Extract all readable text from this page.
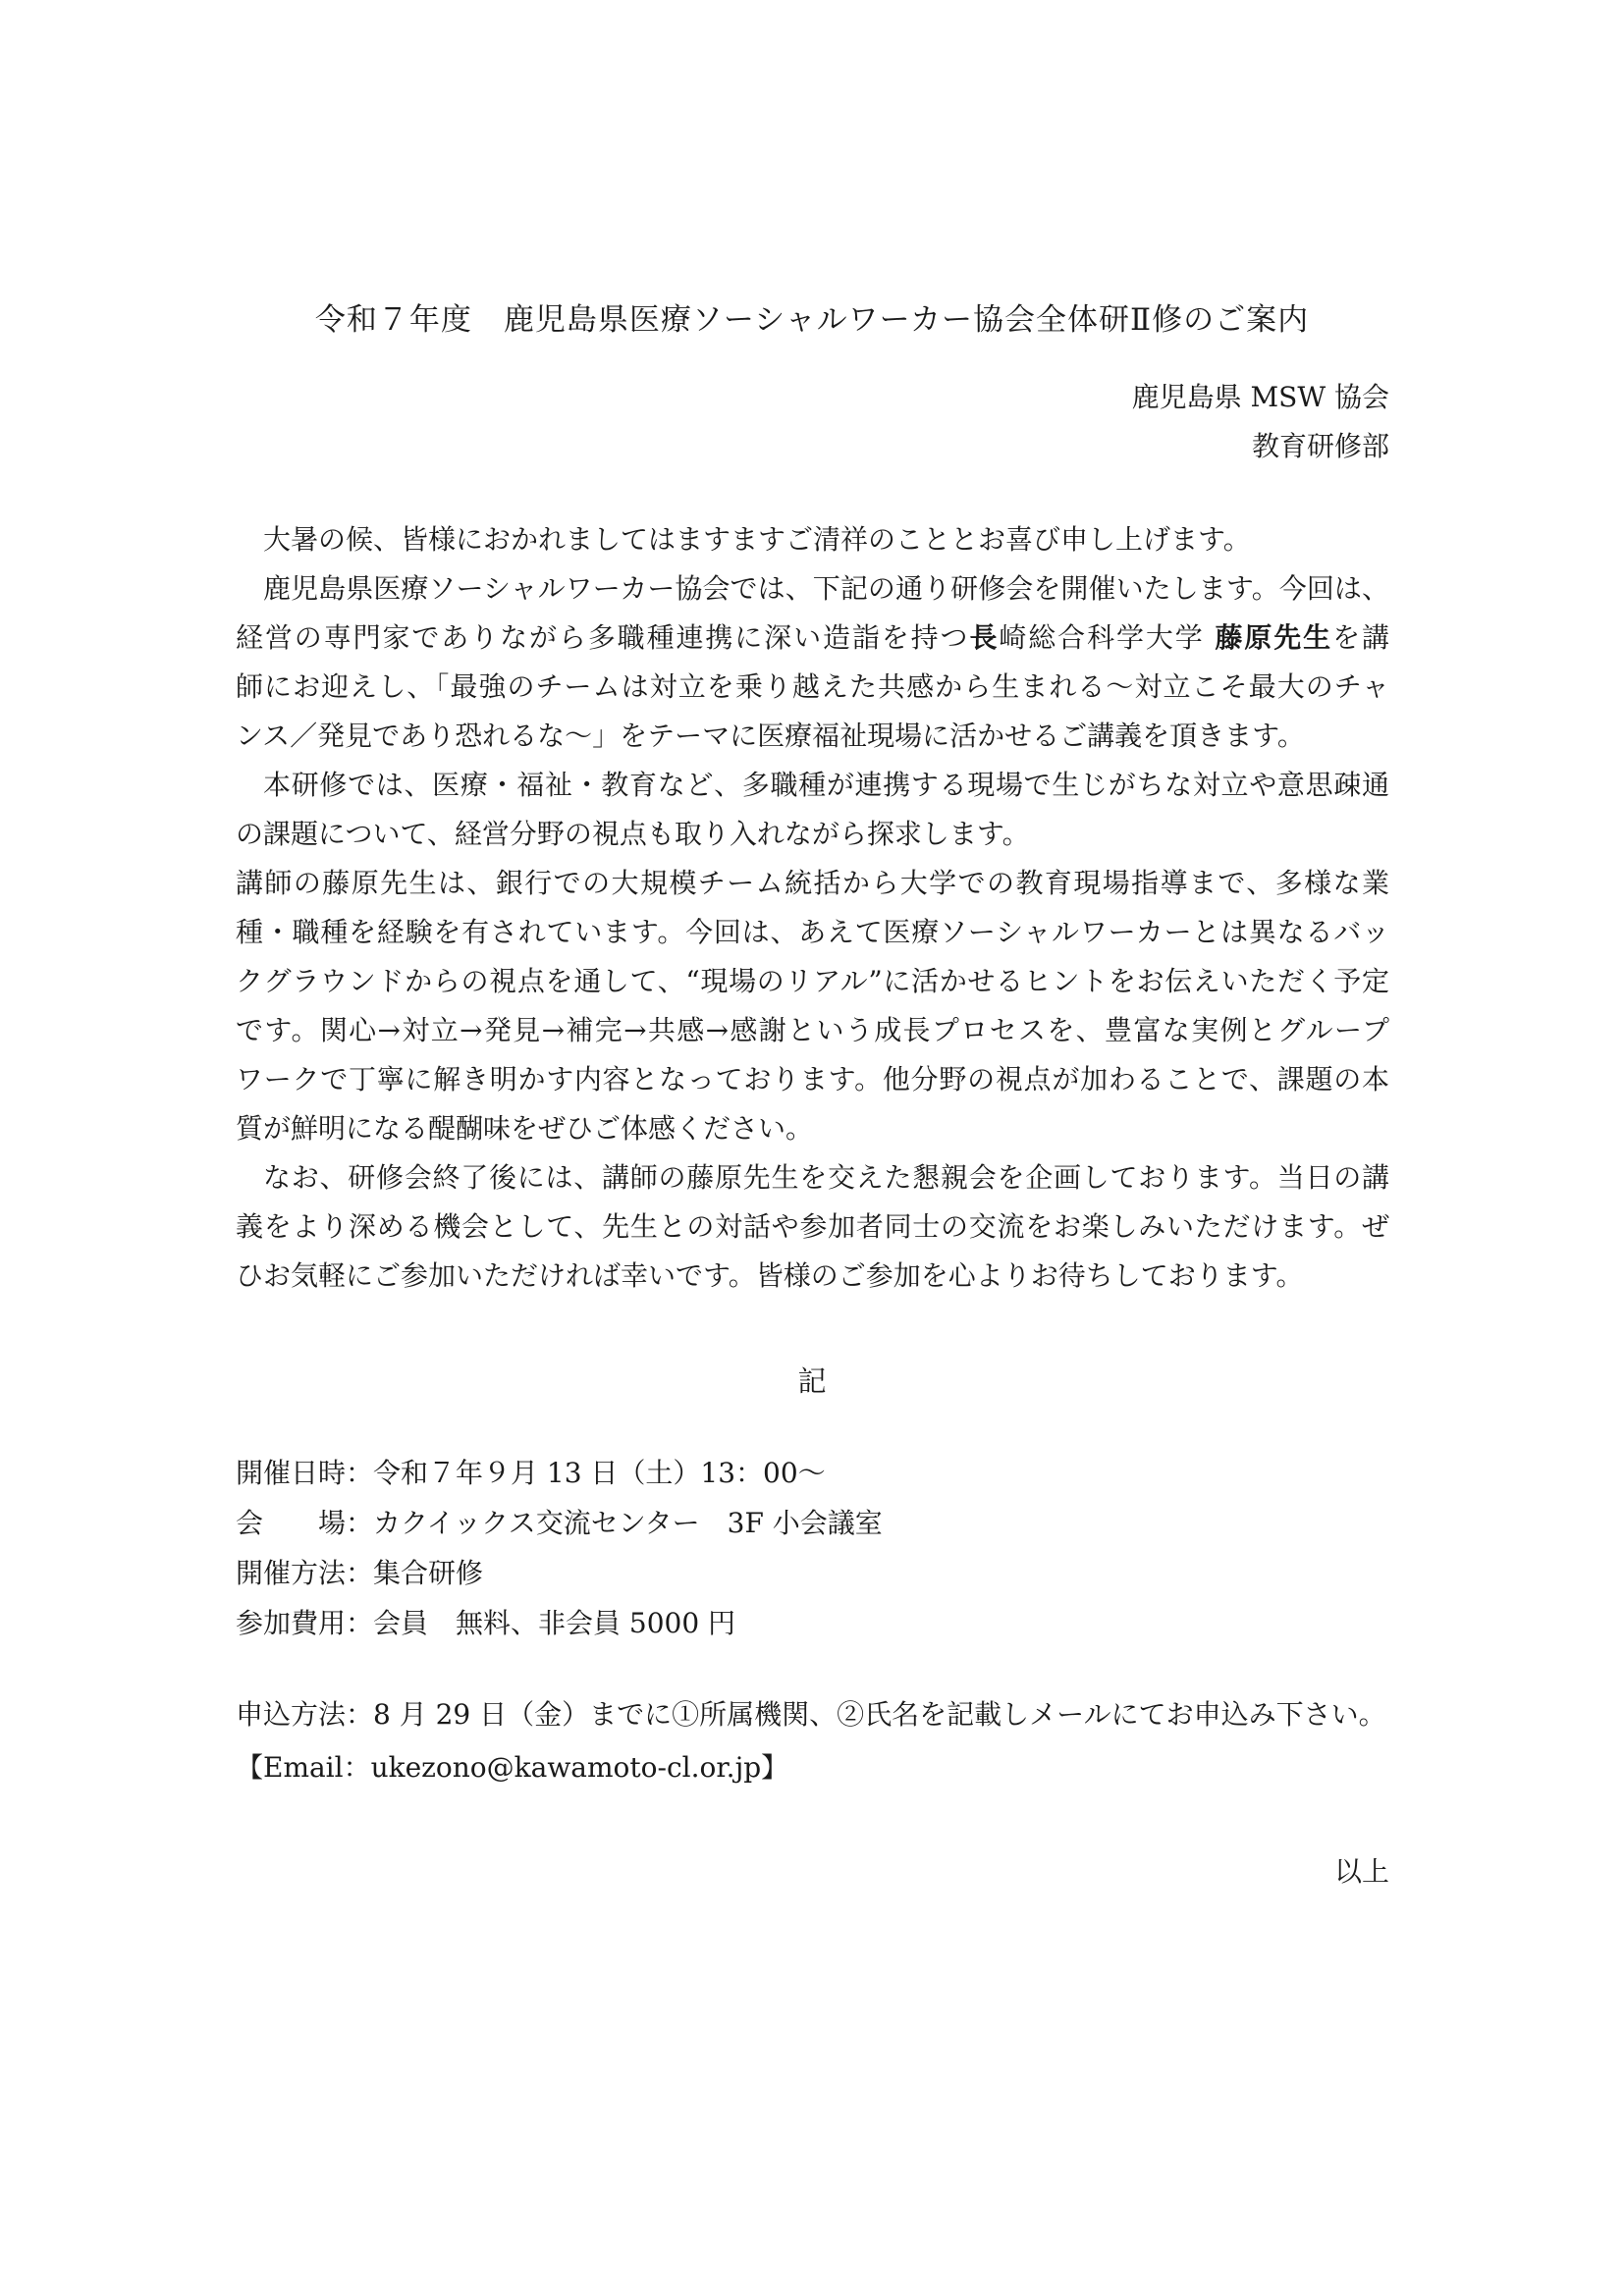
令和７年度　鹿児島県医療ソーシャルワーカー協会全体研Ⅱ修のご案内
鹿児島県 MSW 協会
教育研修部
大暑の候、皆様におかれましてはますますご清祥のこととお喜び申し上げます。
鹿児島県医療ソーシャルワーカー協会では、下記の通り研修会を開催いたします。今回は、
経営の専門家でありながら多職種連携に深い造詣を持つ長崎総合科学大学 藤原先生を講
師にお迎えし、「最強のチームは対立を乗り越えた共感から生まれる～対立こそ最大のチャ
ンス／発見であり恐れるな～」をテーマに医療福祉現場に活かせるご講義を頂きます。
本研修では、医療・福祉・教育など、多職種が連携する現場で生じがちな対立や意思疎通
の課題について、経営分野の視点も取り入れながら探求します。
講師の藤原先生は、銀行での大規模チーム統括から大学での教育現場指導まで、多様な業
種・職種を経験を有されています。今回は、あえて医療ソーシャルワーカーとは異なるバッ
クグラウンドからの視点を通して、“現場のリアル”に活かせるヒントをお伝えいただく予定
です。関心→対立→発見→補完→共感→感謝という成長プロセスを、豊富な実例とグループ
ワークで丁寧に解き明かす内容となっております。他分野の視点が加わることで、課題の本
質が鮮明になる醍醐味をぜひご体感ください。
なお、研修会終了後には、講師の藤原先生を交えた懇親会を企画しております。当日の講
義をより深める機会として、先生との対話や参加者同士の交流をお楽しみいただけます。ぜ
ひお気軽にご参加いただければ幸いです。皆様のご参加を心よりお待ちしております。
記
開催日時：令和７年９月 13 日（土）13：00～
会　　場：カクイックス交流センター　3F 小会議室
開催方法：集合研修
参加費用：会員　無料、非会員 5000 円
申込方法：8 月 29 日（金）までに①所属機関、②氏名を記載しメールにてお申込み下さい。
【Email：ukezono@kawamoto-cl.or.jp】
以上
